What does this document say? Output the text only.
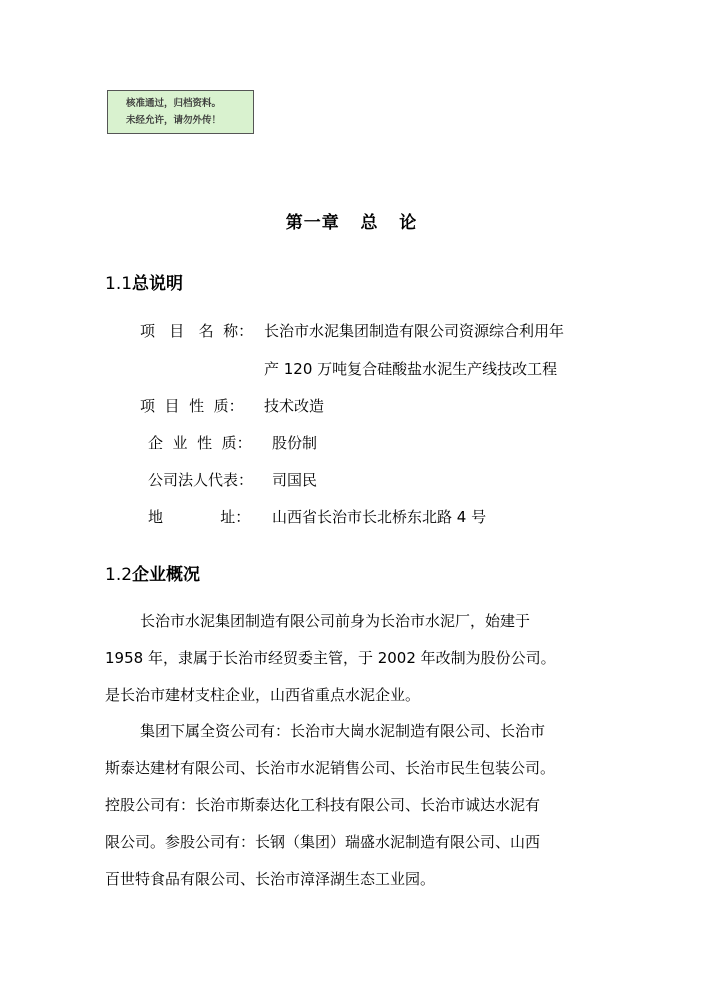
核准通过，归档资料。
未经允许，请勿外传！
第一章   总   论
1.1总说明
项   目   名  称： 长治市水泥集团制造有限公司资源综合利用年
产 120 万吨复合硅酸盐水泥生产线技改工程
项  目  性  质： 技术改造
企  业  性  质： 股份制
公司法人代表： 司国民
地            址： 山西省长治市长北桥东北路 4 号
1.2企业概况
长治市水泥集团制造有限公司前身为长治市水泥厂，始建于
1958 年，隶属于长治市经贸委主管，于 2002 年改制为股份公司。
是长治市建材支柱企业，山西省重点水泥企业。
集团下属全资公司有：长治市大崗水泥制造有限公司、长治市
斯泰达建材有限公司、长治市水泥销售公司、长治市民生包装公司。
控股公司有：长治市斯泰达化工科技有限公司、长治市诚达水泥有
限公司。参股公司有：长钢（集团）瑞盛水泥制造有限公司、山西
百世特食品有限公司、长治市漳泽湖生态工业园。
